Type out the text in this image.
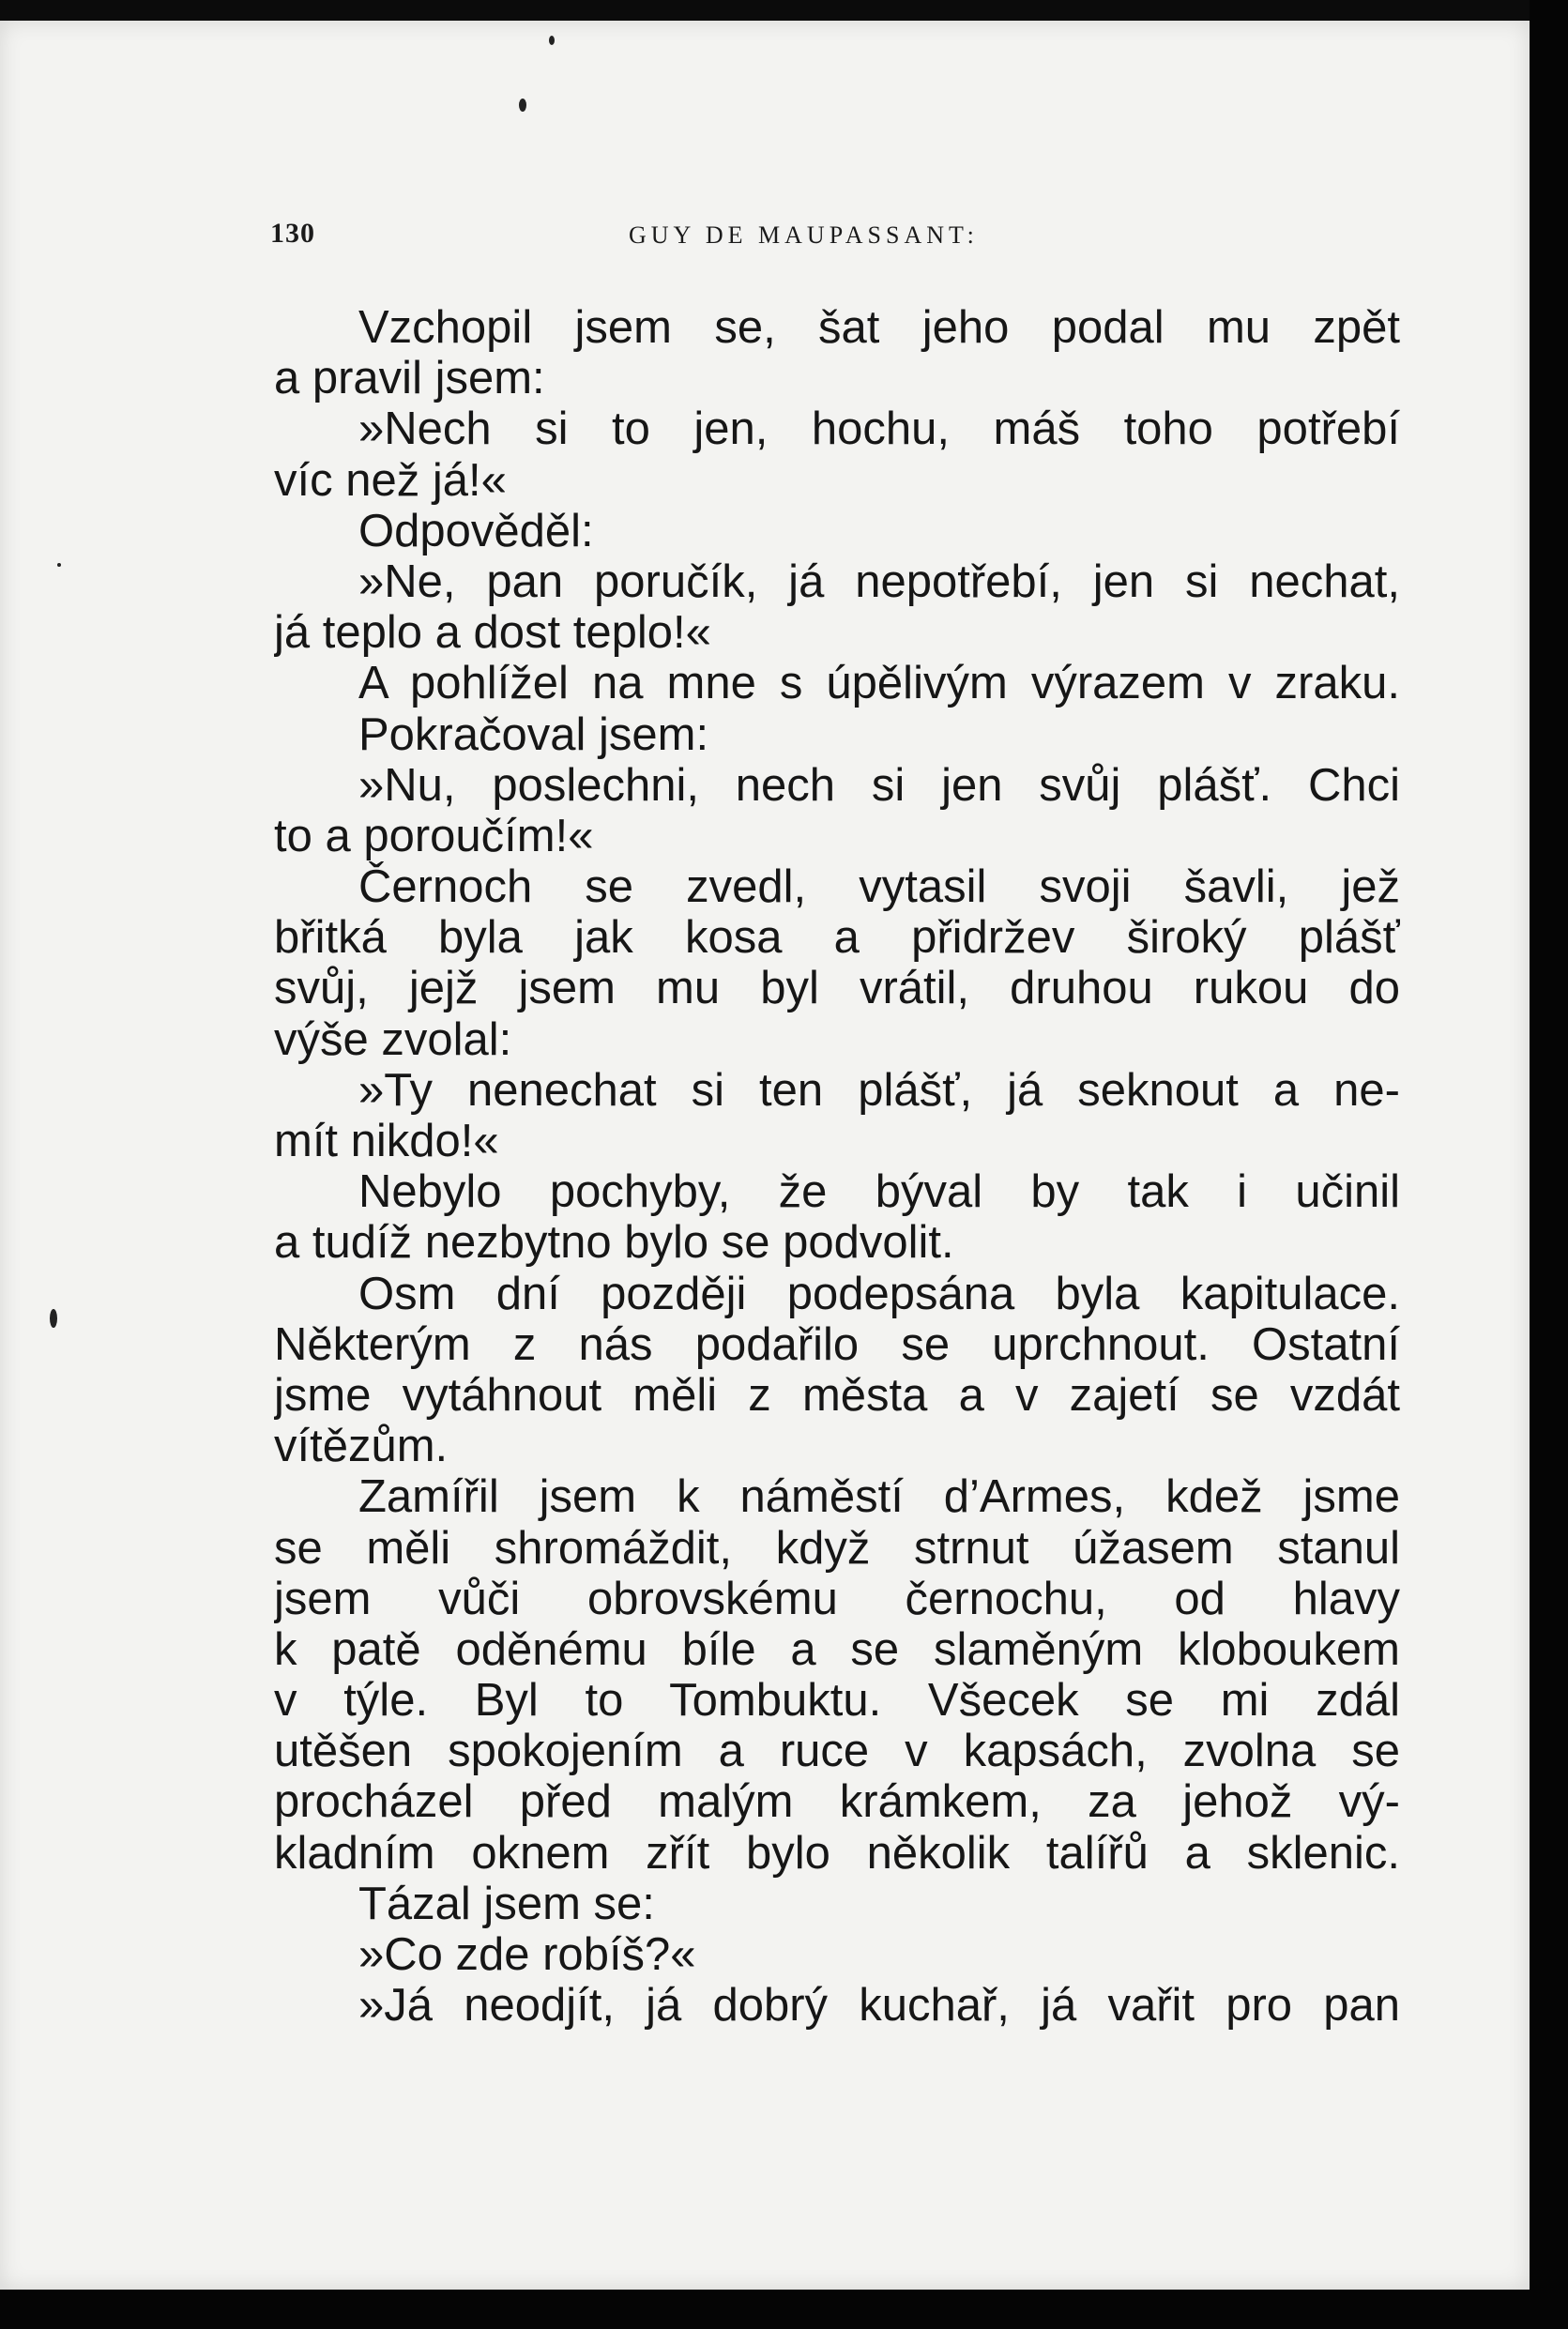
130	GUY DE MAUPASSANT:
Vzchopil jsem se, šat jeho podal mu zpět
a pravil jsem:
»Nech si to jen, hochu, máš toho potřebí
víc než já!«
Odpověděl:
»Ne, pan poručík, já nepotřebí, jen si nechat,
já teplo a dost teplo!«
A pohlížel na mne s úpělivým výrazem v zraku.
Pokračoval jsem:
»Nu, poslechni, nech si jen svůj plášť. Chci
to a poroučím!«
Černoch se zvedl, vytasil svoji šavli, jež
břitká byla jak kosa a přidržev široký plášť
svůj, jejž jsem mu byl vrátil, druhou rukou do
výše zvolal:
»Ty nenechat si ten plášť, já seknout a ne-
mít nikdo!«
Nebylo pochyby, že býval by tak i učinil
a tudíž nezbytno bylo se podvolit.
Osm dní později podepsána byla kapitulace.
Některým z nás podařilo se uprchnout. Ostatní
jsme vytáhnout měli z města a v zajetí se vzdát
vítězům.
Zamířil jsem k náměstí d’Armes, kdež jsme
se měli shromáždit, když strnut úžasem stanul
jsem vůči obrovskému černochu, od hlavy
k patě oděnému bíle a se slaměným kloboukem
v týle. Byl to Tombuktu. Všecek se mi zdál
utěšen spokojením a ruce v kapsách, zvolna se
procházel před malým krámkem, za jehož vý-
kladním oknem zřít bylo několik talířů a sklenic.
Tázal jsem se:
»Co zde robíš?«
»Já neodjít, já dobrý kuchař, já vařit pro pan
